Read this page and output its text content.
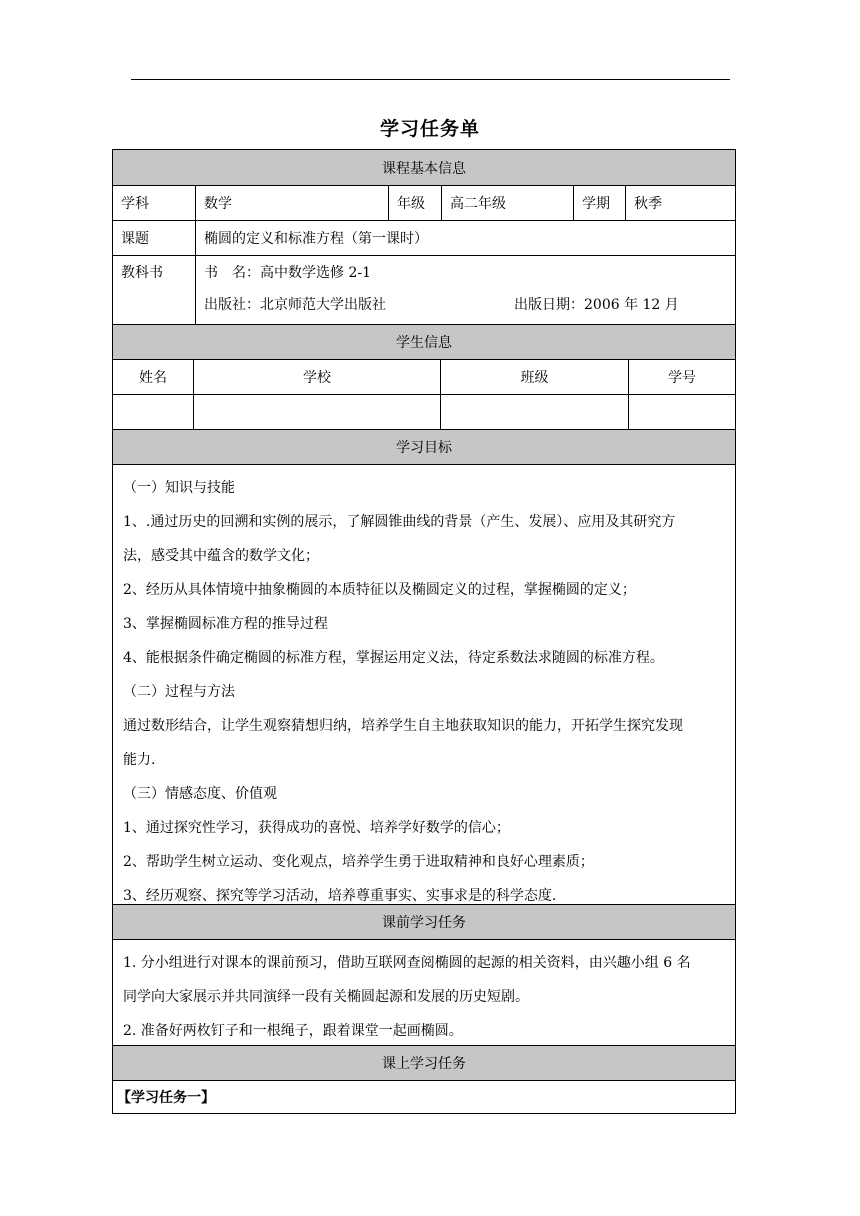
学习任务单
课程基本信息
学科	数学	年级	高二年级	学期	秋季
课题	椭圆的定义和标准方程（第一课时）
教科书	书　名：高中数学选修 2-1
出版社：北京师范大学出版社	出版日期：2006 年 12 月
学生信息
姓名	学校	班级	学号
学习目标

（一）知识与技能

1、.通过历史的回溯和实例的展示，了解圆锥曲线的背景（产生、发展）、应用及其研究方

法，感受其中蕴含的数学文化；

2、经历从具体情境中抽象椭圆的本质特征以及椭圆定义的过程，掌握椭圆的定义；

3、掌握椭圆标准方程的推导过程

4、能根据条件确定椭圆的标准方程，掌握运用定义法，待定系数法求随圆的标准方程。

（二）过程与方法

通过数形结合，让学生观察猜想归纳，培养学生自主地获取知识的能力，开拓学生探究发现

能力.

（三）情感态度、价值观

1、通过探究性学习，获得成功的喜悦、培养学好数学的信心；

2、帮助学生树立运动、变化观点，培养学生勇于进取精神和良好心理素质；

3、经历观察、探究等学习活动，培养尊重事实、实事求是的科学态度.

课前学习任务

1. 分小组进行对课本的课前预习，借助互联网查阅椭圆的起源的相关资料，由兴趣小组 6 名

同学向大家展示并共同演绎一段有关椭圆起源和发展的历史短剧。

2. 准备好两枚钉子和一根绳子，跟着课堂一起画椭圆。

课上学习任务
【学习任务一】
